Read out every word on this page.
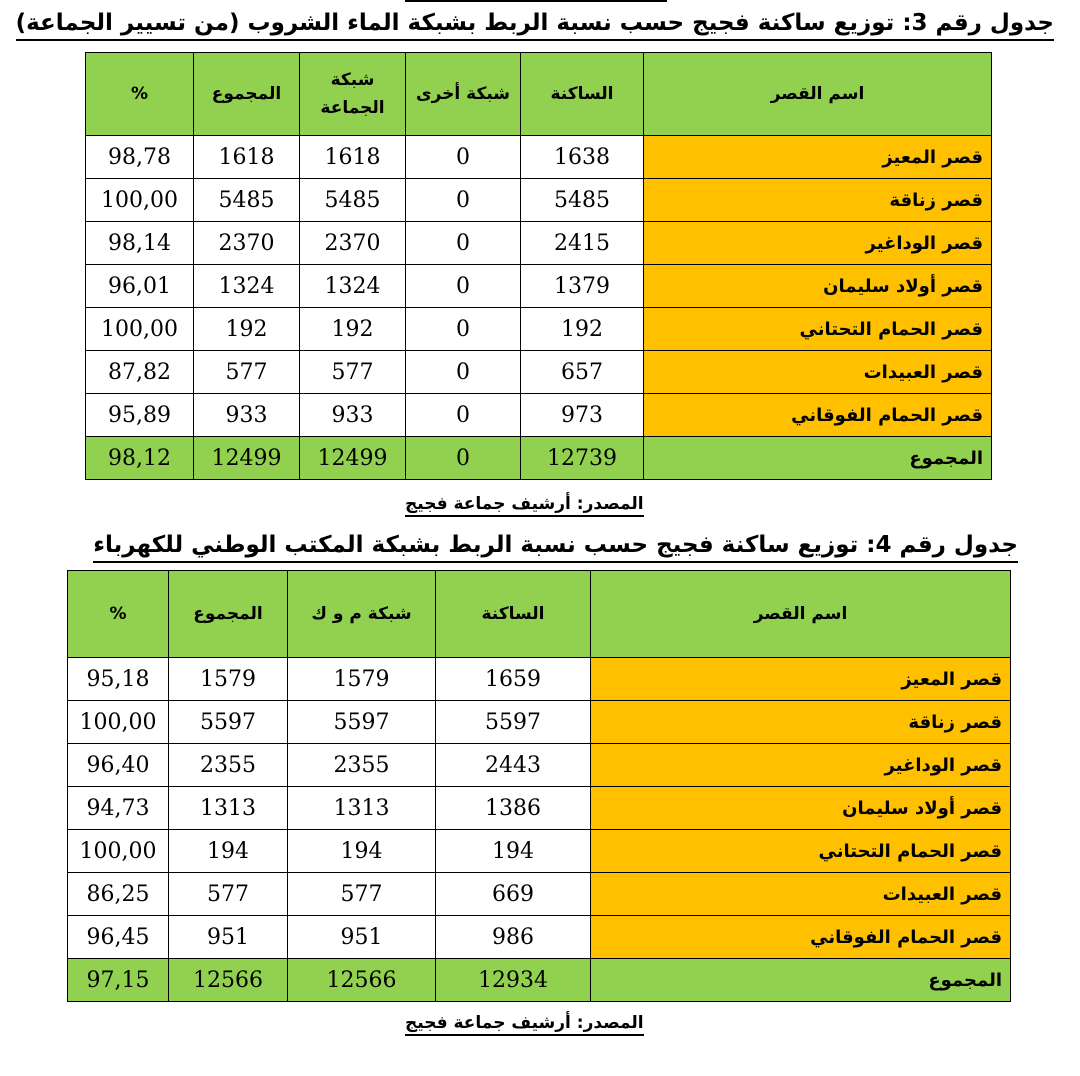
جدول رقم 3: توزيع ساكنة فجيج حسب نسبة الربط بشبكة الماء الشروب (من تسيير الجماعة)
%	المجموع	شبكة الجماعة	شبكة أخرى	الساكنة	اسم القصر
98,78	1618	1618	0	1638	قصر المعيز
100,00	5485	5485	0	5485	قصر زناقة
98,14	2370	2370	0	2415	قصر الوداغير
96,01	1324	1324	0	1379	قصر أولاد سليمان
100,00	192	192	0	192	قصر الحمام التحتاني
87,82	577	577	0	657	قصر العبيدات
95,89	933	933	0	973	قصر الحمام الفوقاني
98,12	12499	12499	0	12739	المجموع
المصدر: أرشيف جماعة فجيج
جدول رقم 4: توزيع ساكنة فجيج حسب نسبة الربط بشبكة المكتب الوطني للكهرباء
%	المجموع	شبكة م و ك	الساكنة	اسم القصر
95,18	1579	1579	1659	قصر المعيز
100,00	5597	5597	5597	قصر زناقة
96,40	2355	2355	2443	قصر الوداغير
94,73	1313	1313	1386	قصر أولاد سليمان
100,00	194	194	194	قصر الحمام التحتاني
86,25	577	577	669	قصر العبيدات
96,45	951	951	986	قصر الحمام الفوقاني
97,15	12566	12566	12934	المجموع
المصدر: أرشيف جماعة فجيج
